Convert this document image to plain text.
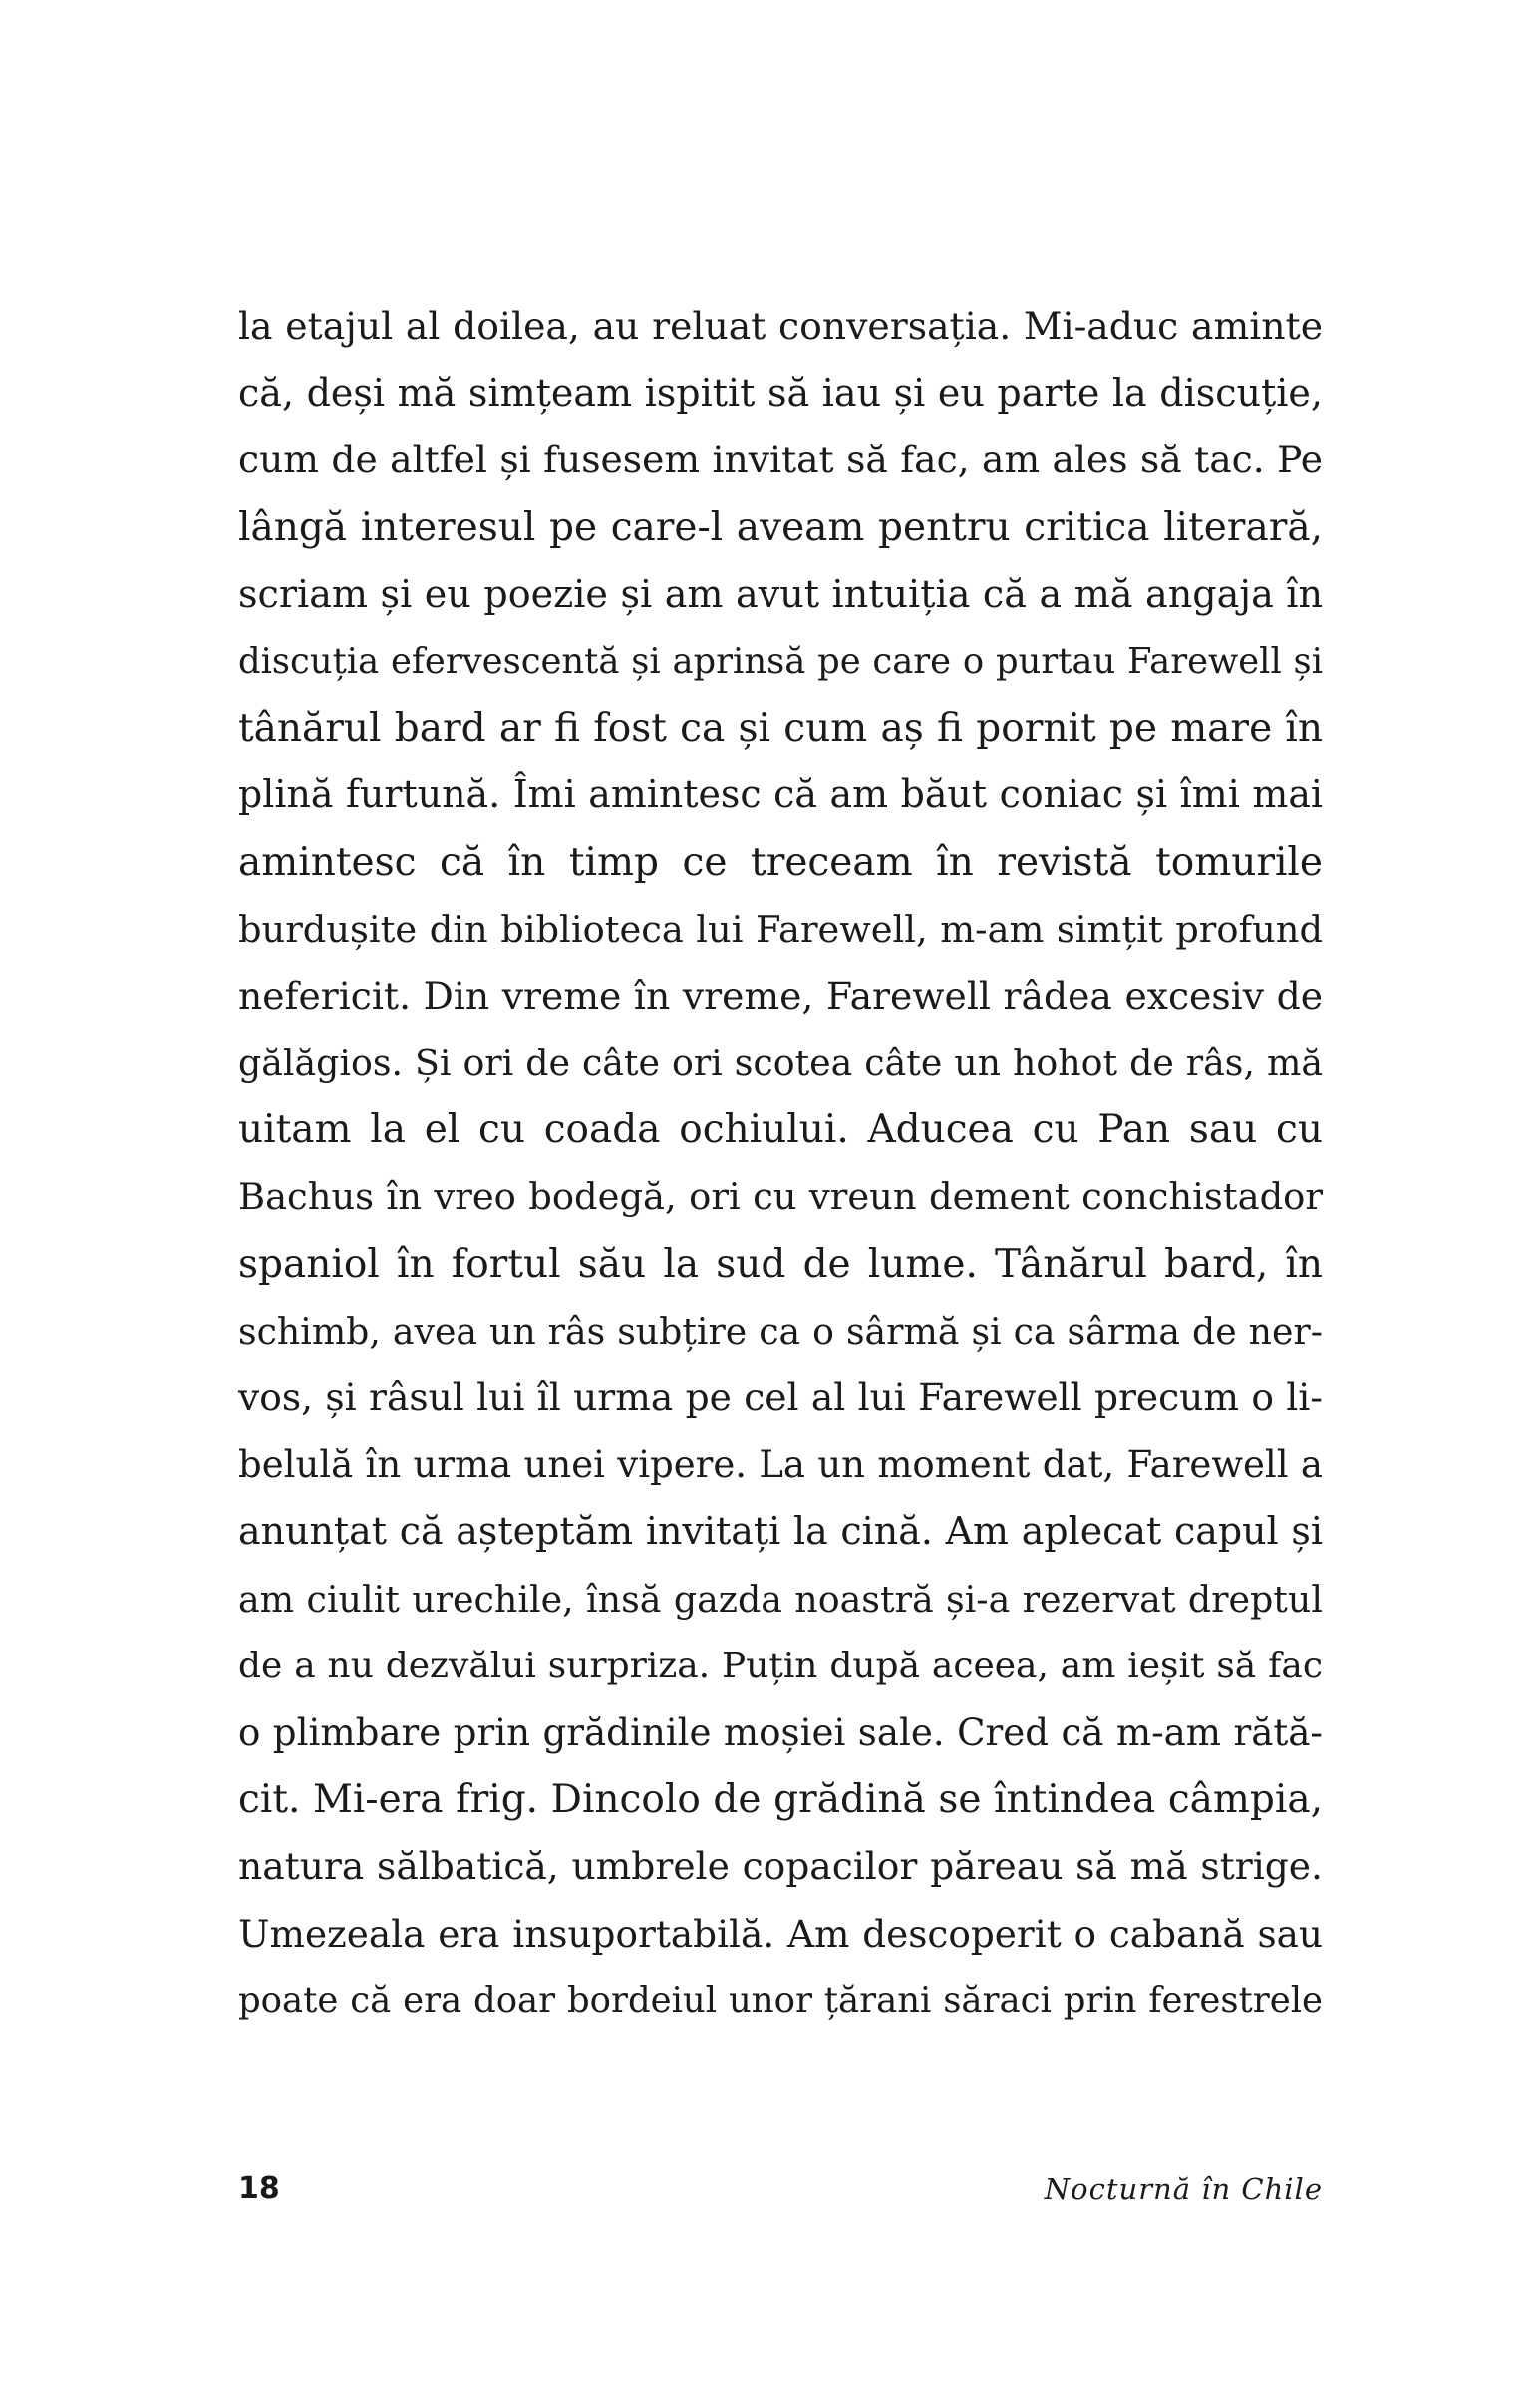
la etajul al doilea, au reluat conversația. Mi-aduc aminte
că, deși mă simțeam ispitit să iau și eu parte la discuție,
cum de altfel și fusesem invitat să fac, am ales să tac. Pe
lângă interesul pe care-l aveam pentru critica literară,
scriam și eu poezie și am avut intuiția că a mă angaja în
discuția efervescentă și aprinsă pe care o purtau Farewell și
tânărul bard ar fi fost ca și cum aș fi pornit pe mare în
plină furtună. Îmi amintesc că am băut coniac și îmi mai
amintesc că în timp ce treceam în revistă tomurile
burdușite din biblioteca lui Farewell, m-am simțit profund
nefericit. Din vreme în vreme, Farewell râdea excesiv de
gălăgios. Și ori de câte ori scotea câte un hohot de râs, mă
uitam la el cu coada ochiului. Aducea cu Pan sau cu
Bachus în vreo bodegă, ori cu vreun dement conchistador
spaniol în fortul său la sud de lume. Tânărul bard, în
schimb, avea un râs subțire ca o sârmă și ca sârma de ner-
vos, și râsul lui îl urma pe cel al lui Farewell precum o li-
belulă în urma unei vipere. La un moment dat, Farewell a
anunțat că așteptăm invitați la cină. Am aplecat capul și
am ciulit urechile, însă gazda noastră și-a rezervat dreptul
de a nu dezvălui surpriza. Puțin după aceea, am ieșit să fac
o plimbare prin grădinile moșiei sale. Cred că m-am rătă-
cit. Mi-era frig. Dincolo de grădină se întindea câmpia,
natura sălbatică, umbrele copacilor păreau să mă strige.
Umezeala era insuportabilă. Am descoperit o cabană sau
poate că era doar bordeiul unor țărani săraci prin ferestrele
18	Nocturnă în Chile
